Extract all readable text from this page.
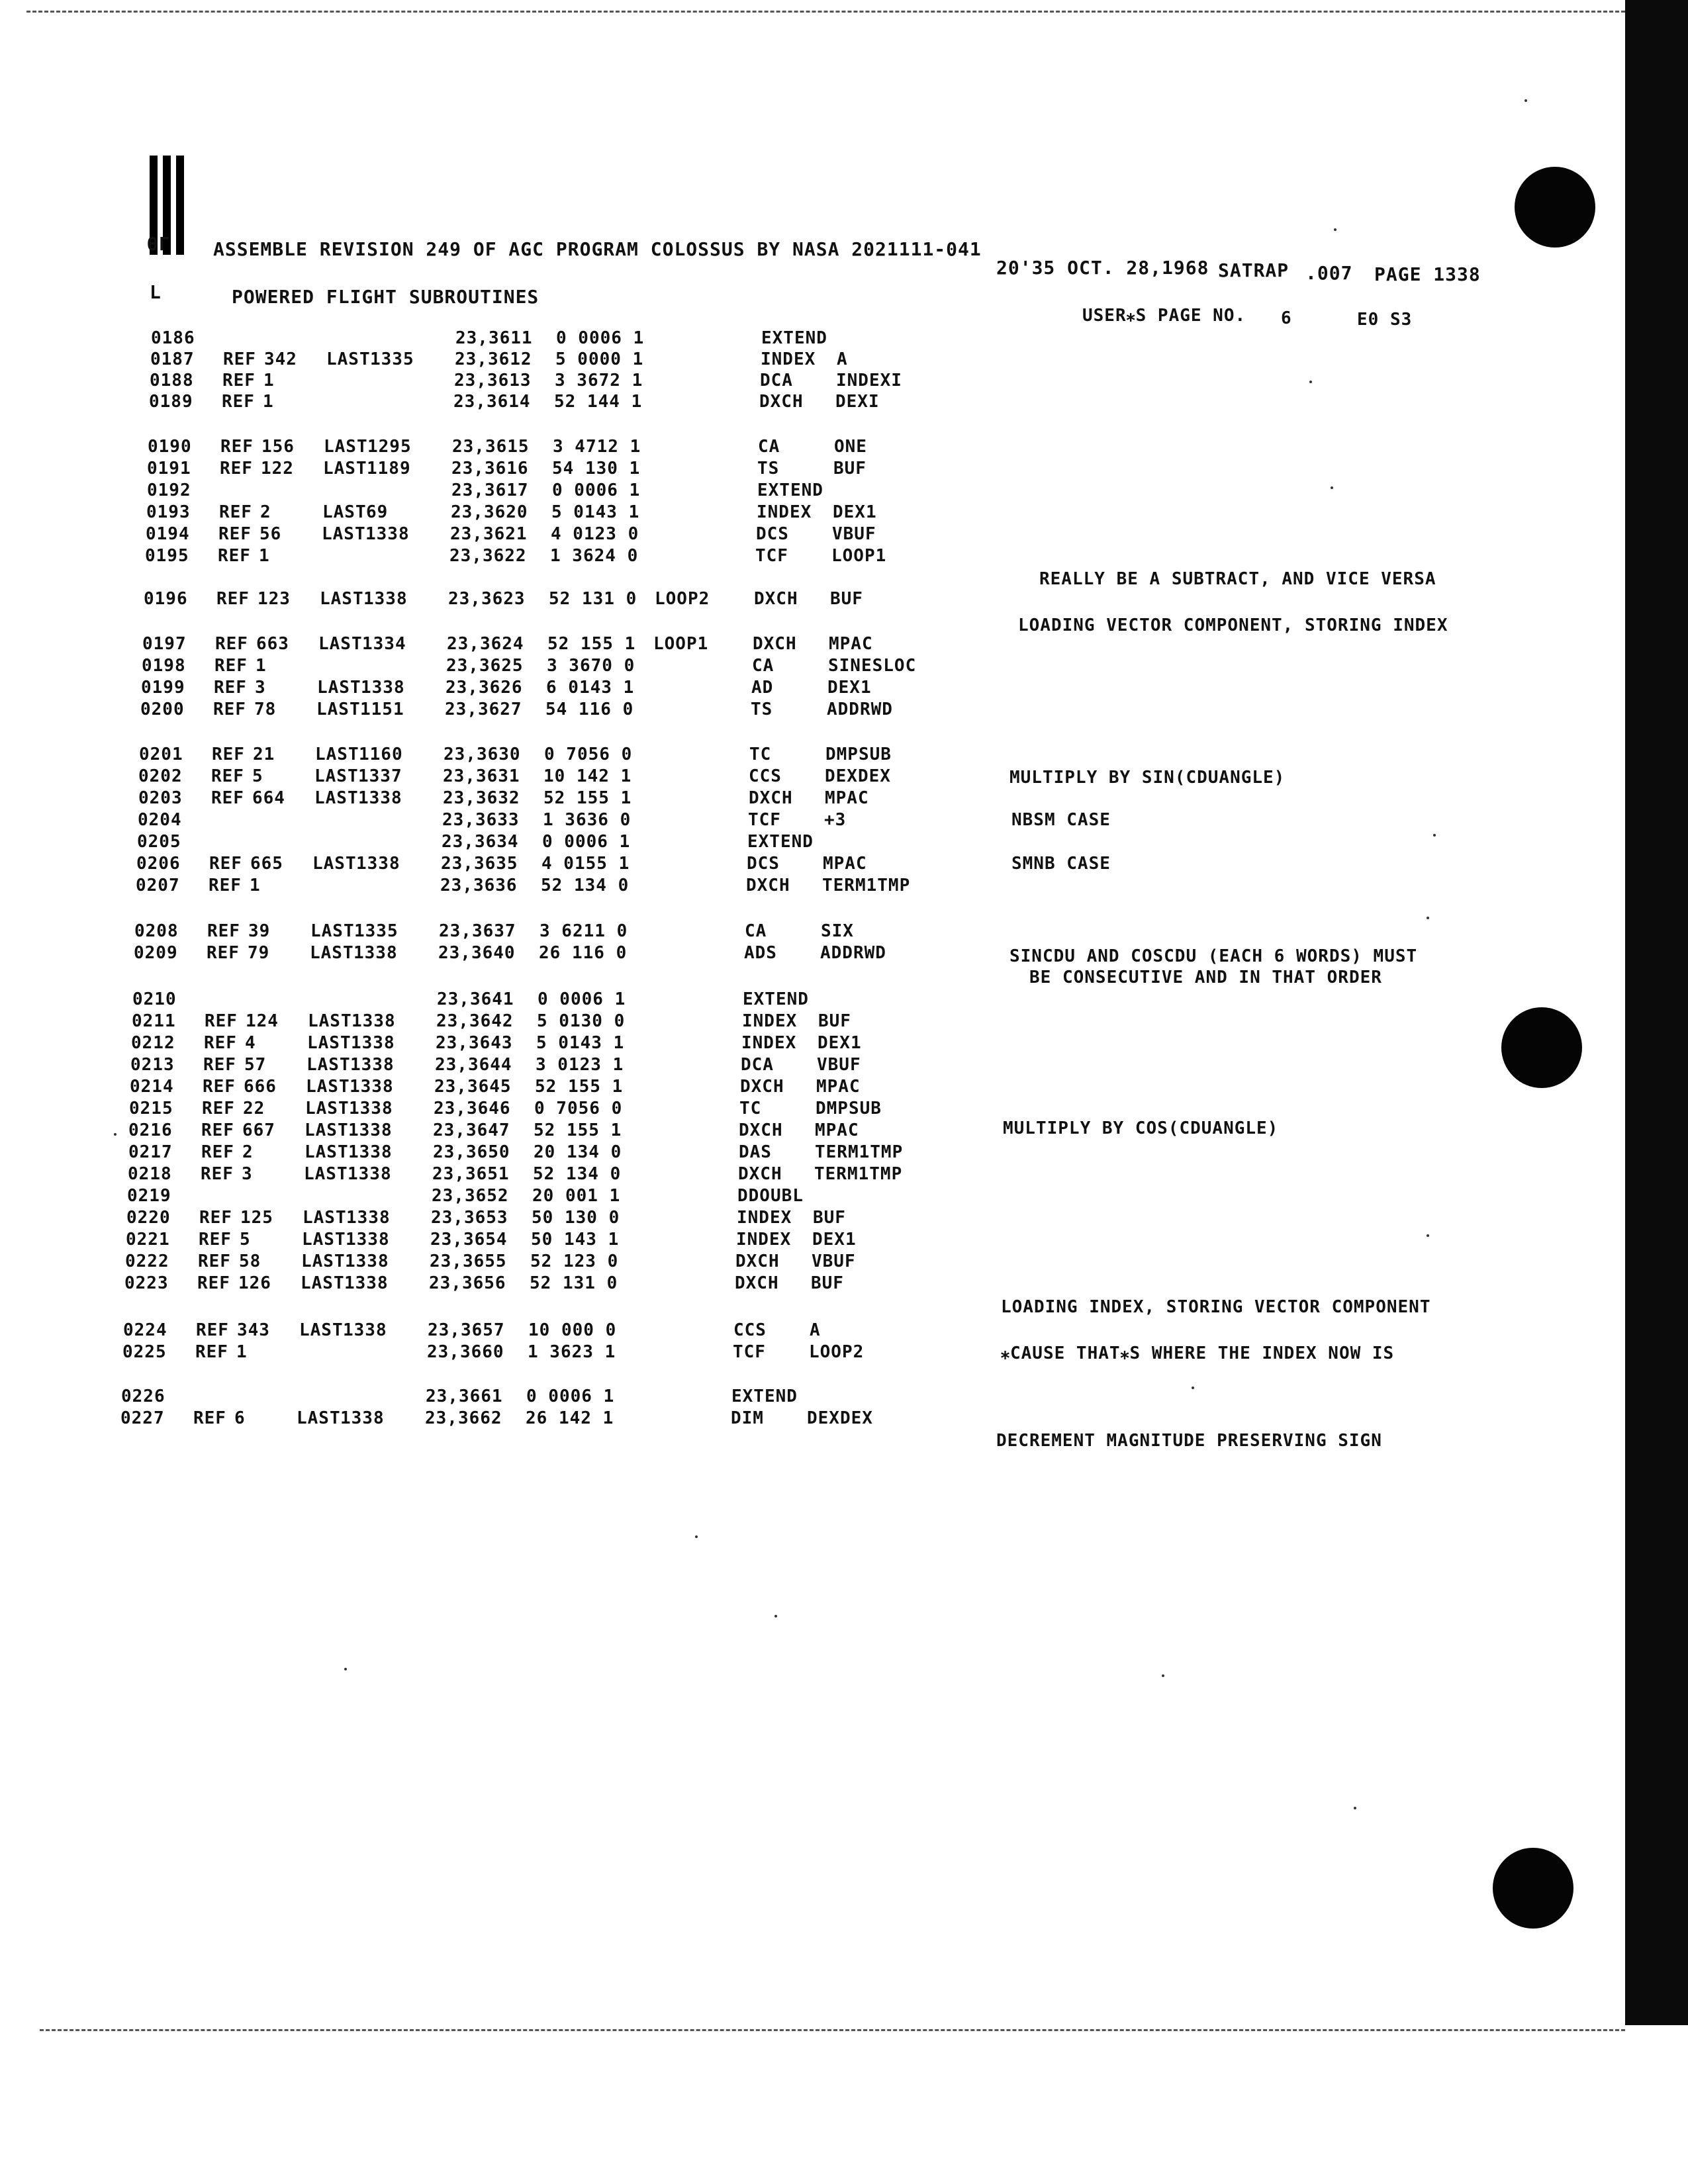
ӨГ ASSEMBLE REVISION 249 OF AGC PROGRAM COLOSSUS BY NASA 2021111-041
20'35 OCT. 28,1968 SATRAP .007 PAGE 1338
L	POWERED FLIGHT SUBROUTINES
USER⁎S PAGE NO. 6	E0 S3
0186	23,3611 0 0006 1	EXTEND
0187 REF 342 LAST 1335 23,3612 5 0000 1	INDEX A
0188 REF 1	23,3613 3 3672 1	DCA	INDEXI
0189 REF 1	23,3614 52 144 1	DXCH DEXI
0190 REF 156 LAST 1295 23,3615 3 4712 1	CA	ONE
0191 REF 122 LAST 1189 23,3616 54 130 1	TS	BUF
0192	23,3617 0 0006 1	EXTEND
0193 REF 2	LAST 69	23,3620 5 0143 1	INDEX DEX1
0194 REF 56 LAST 1338 23,3621 4 0123 0	DCS	VBUF
0195 REF 1	23,3622 1 3624 0	TCF	LOOP1
0196 REF 123 LAST 1338 23,3623 52 131 0 LOOP2	DXCH BUF
0197 REF 663 LAST 1334 23,3624 52 155 1 LOOP1	DXCH MPAC
0198 REF 1	23,3625 3 3670 0	CA	SINESLOC
0199 REF 3	LAST 1338 23,3626 6 0143 1	AD	DEX1
0200 REF 78 LAST 1151 23,3627 54 116 0	TS	ADDRWD
0201 REF 21 LAST 1160 23,3630 0 7056 0	TC	DMPSUB
0202 REF 5	LAST 1337 23,3631 10 142 1	CCS	DEXDEX
0203 REF 664 LAST 1338 23,3632 52 155 1	DXCH MPAC
0204	23,3633 1 3636 0	TCF	+3
0205	23,3634 0 0006 1	EXTEND
0206 REF 665 LAST 1338 23,3635 4 0155 1	DCS	MPAC
0207 REF 1	23,3636 52 134 0	DXCH TERM1TMP
0208 REF 39 LAST 1335 23,3637 3 6211 0	CA	SIX
0209 REF 79 LAST 1338 23,3640 26 116 0	ADS	ADDRWD
0210	23,3641 0 0006 1	EXTEND
0211 REF 124 LAST 1338 23,3642 5 0130 0	INDEX BUF
0212 REF 4	LAST 1338 23,3643 5 0143 1	INDEX DEX1
0213 REF 57 LAST 1338 23,3644 3 0123 1	DCA	VBUF
0214 REF 666 LAST 1338 23,3645 52 155 1	DXCH MPAC
0215 REF 22 LAST 1338 23,3646 0 7056 0	TC	DMPSUB
0216 REF 667 LAST 1338 23,3647 52 155 1	DXCH MPAC
0217 REF 2	LAST 1338 23,3650 20 134 0	DAS	TERM1TMP
0218 REF 3	LAST 1338 23,3651 52 134 0	DXCH TERM1TMP
0219	23,3652 20 001 1	DDOUBL
0220 REF 125 LAST 1338 23,3653 50 130 0	INDEX BUF
0221 REF 5	LAST 1338 23,3654 50 143 1	INDEX DEX1
0222 REF 58 LAST 1338 23,3655 52 123 0	DXCH VBUF
0223 REF 126 LAST 1338 23,3656 52 131 0	DXCH BUF
0224 REF 343 LAST 1338 23,3657 10 000 0	CCS	A
0225 REF 1	23,3660 1 3623 1	TCF	LOOP2
0226	23,3661 0 0006 1	EXTEND
0227 REF 6	LAST 1338 23,3662 26 142 1	DIM	DEXDEX
REALLY BE A SUBTRACT, AND VICE VERSA
LOADING VECTOR COMPONENT, STORING INDEX
MULTIPLY BY SIN(CDUANGLE)
NBSM CASE
SMNB CASE
SINCDU AND COSCDU (EACH 6 WORDS) MUST
BE CONSECUTIVE AND IN THAT ORDER
MULTIPLY BY COS(CDUANGLE)
LOADING INDEX, STORING VECTOR COMPONENT
⁎CAUSE THAT⁎S WHERE THE INDEX NOW IS
DECREMENT MAGNITUDE PRESERVING SIGN
